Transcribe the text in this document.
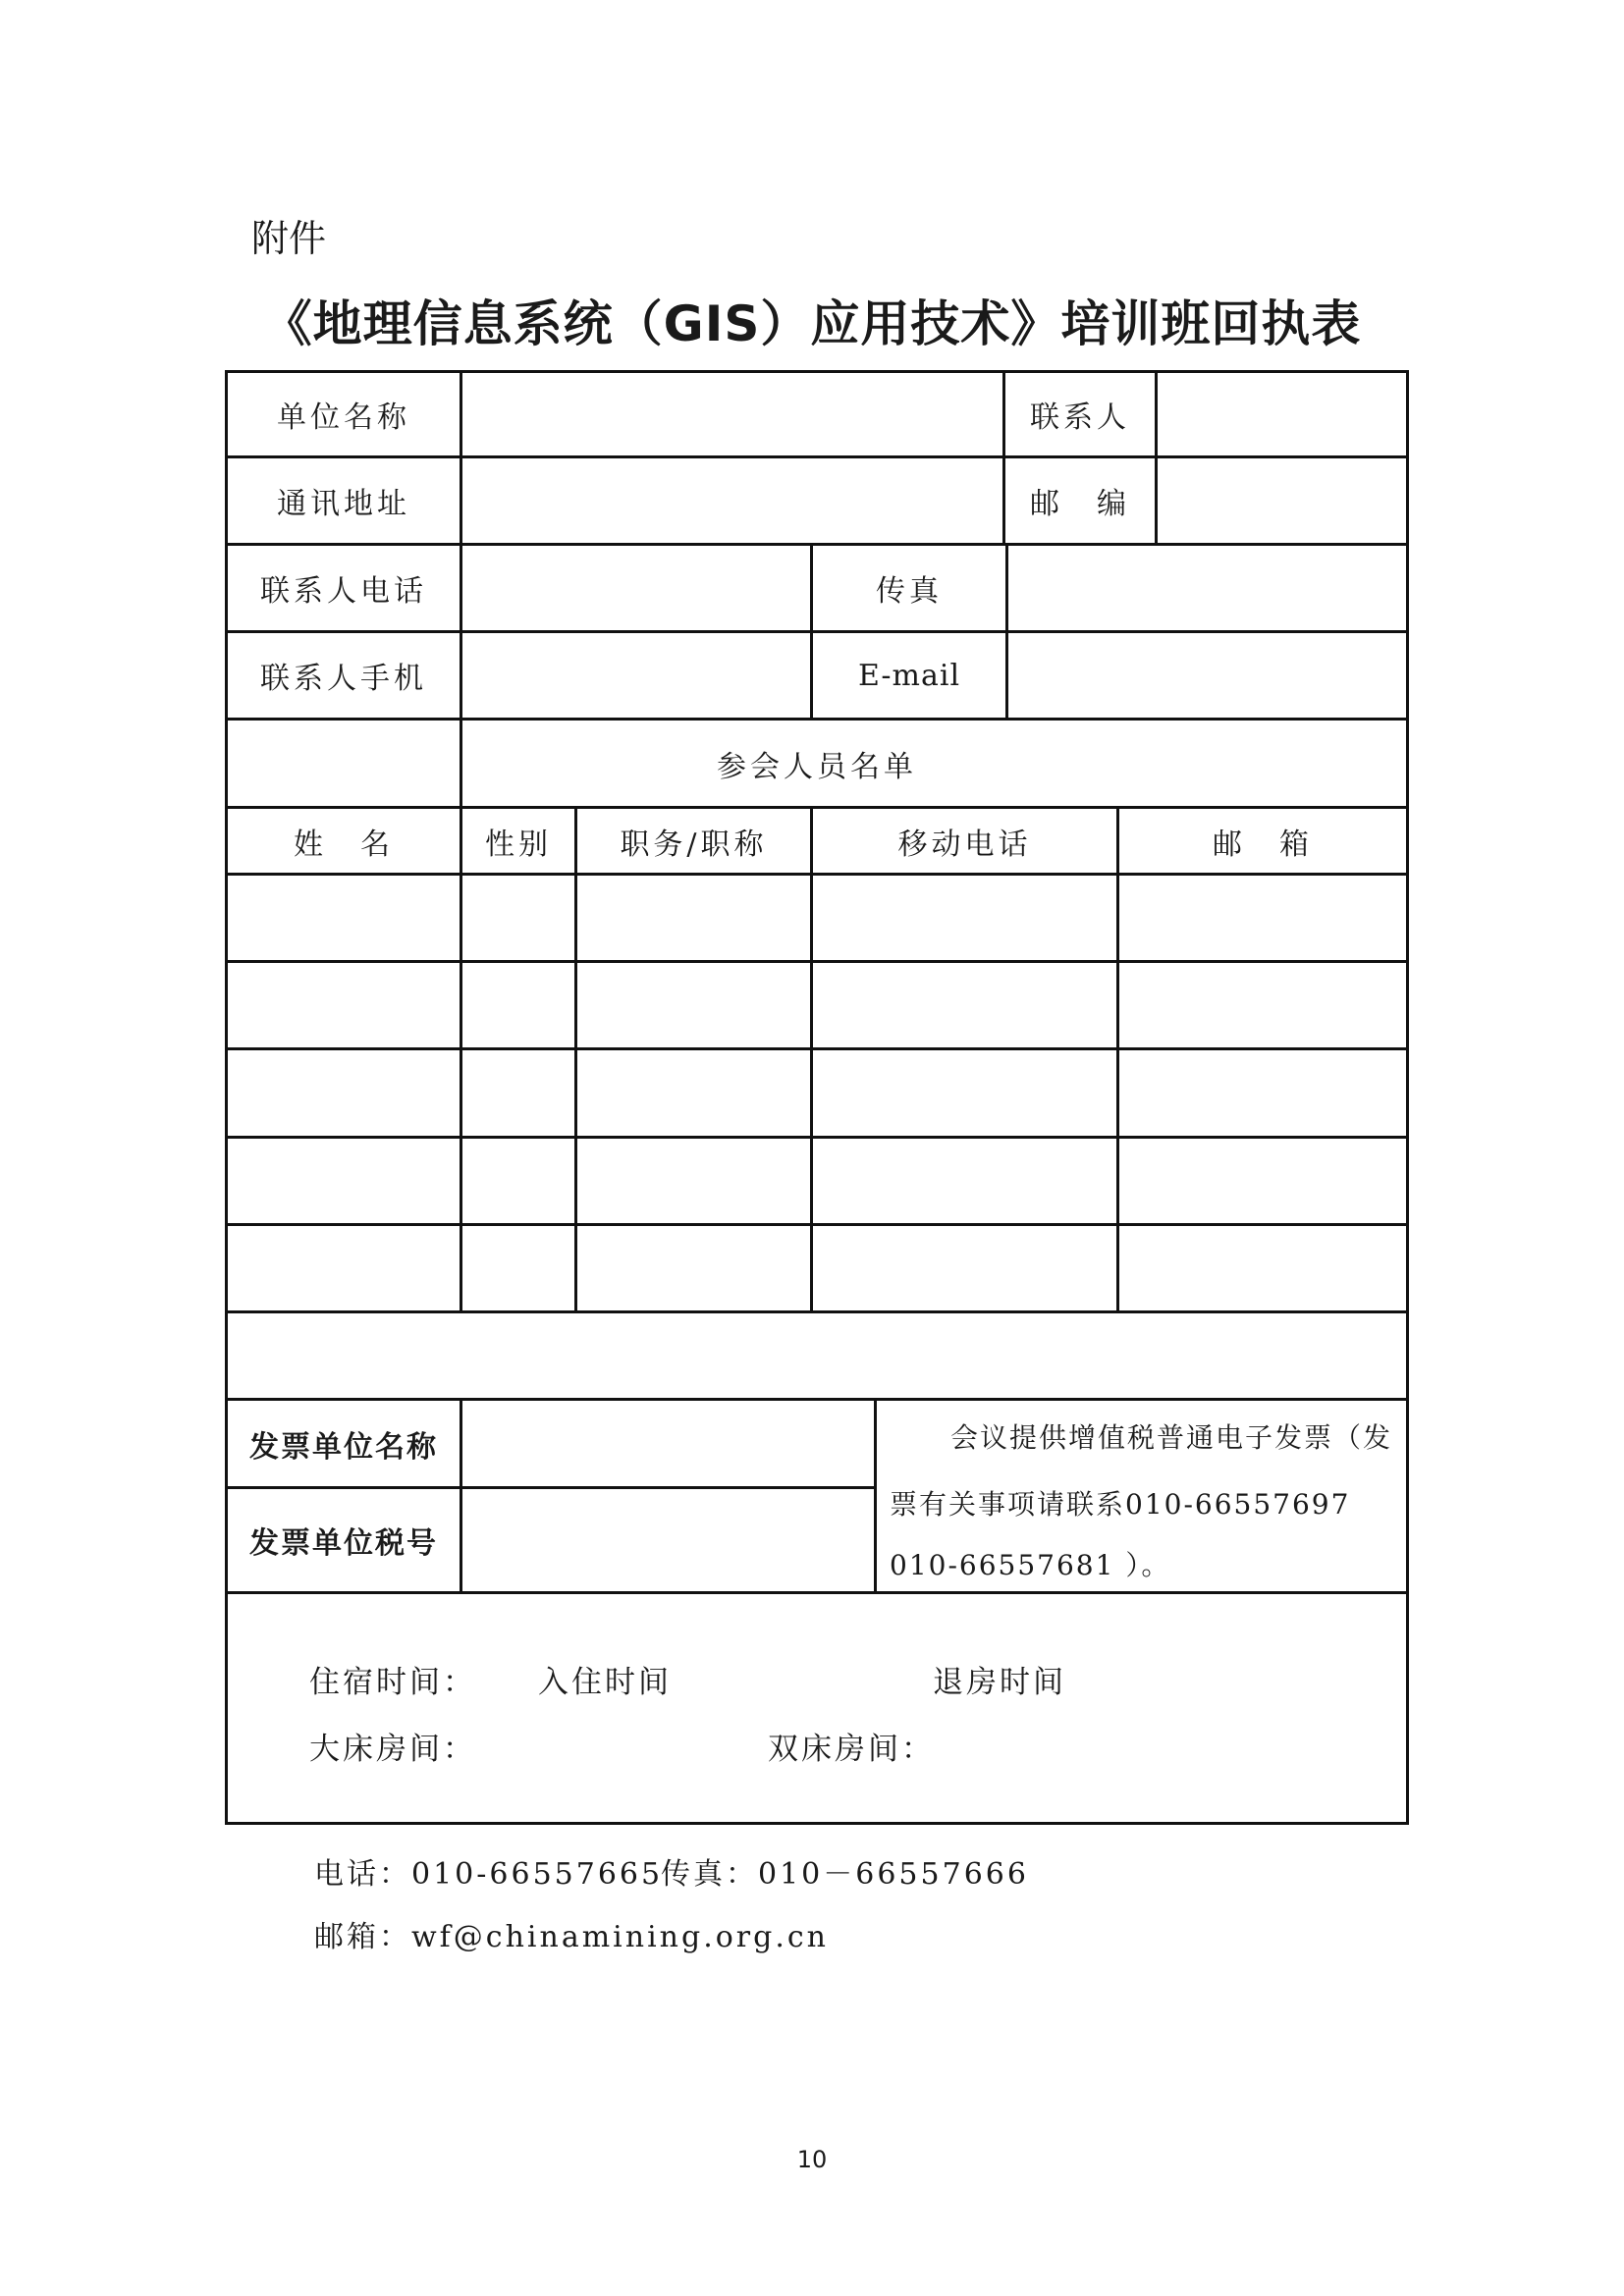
附件
《地理信息系统（GIS）应用技术》培训班回执表
单位名称	联系人
通讯地址	邮　编
联系人电话	传真
联系人手机	E-mail
参会人员名单
姓　名	性别	职务/职称	移动电话	邮　箱
发票单位名称
发票单位税号
会议提供增值税普通电子发票（发
票有关事项请联系010-66557697
010-66557681 ）。
住宿时间： 入住时间	退房时间
大床房间：	双床房间：
电话：010-66557665
传真：010－66557666
邮箱：wf@chinamining.org.cn
10
